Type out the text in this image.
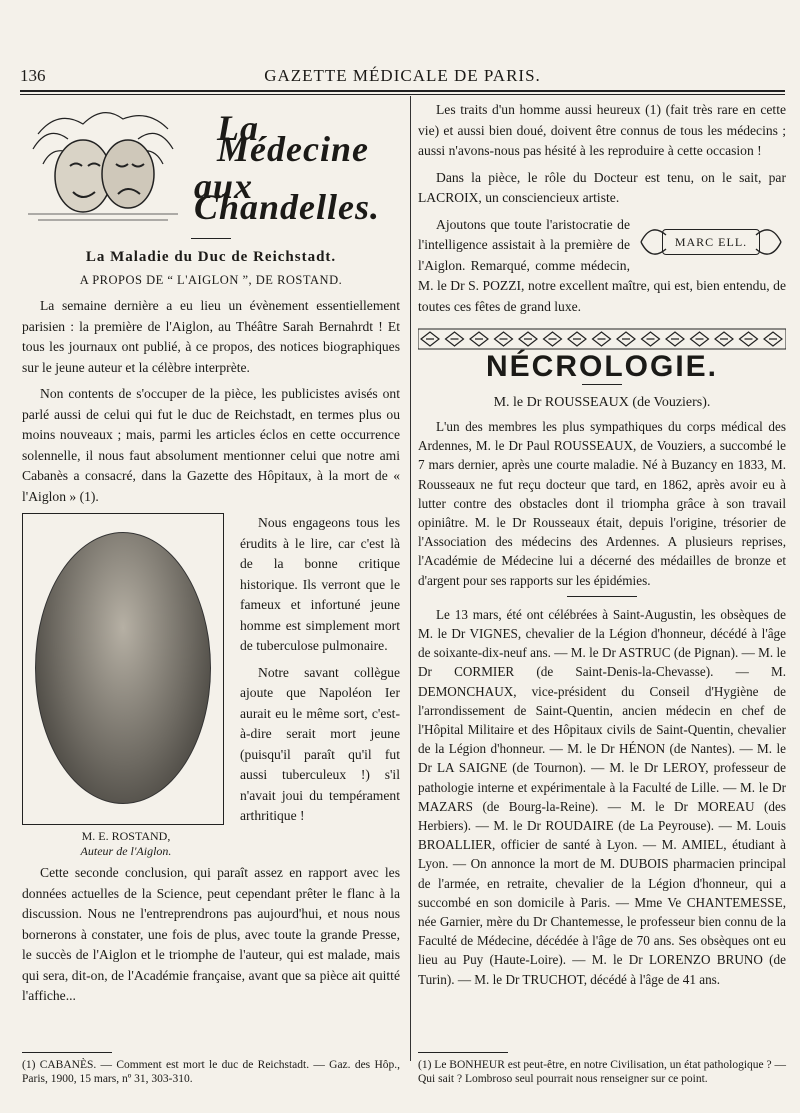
136	GAZETTE MÉDICALE DE PARIS.
La Médecine
aux Chandelles.
La Maladie du Duc de Reichstadt.
A PROPOS DE “ L'AIGLON ”, DE ROSTAND.

La semaine dernière a eu lieu un évènement essentiellement parisien : la première de l'Aiglon, au Théâtre Sarah Bernahrdt ! Et tous les journaux ont publié, à ce propos, des notices biographiques sur le jeune auteur et la célèbre interprète.

Non contents de s'occuper de la pièce, les publicistes avisés ont parlé aussi de celui qui fut le duc de Reichstadt, en termes plus ou moins nouveaux ; mais, parmi les articles éclos en cette occurrence solennelle, il nous faut absolument mentionner celui que notre ami Cabanès a consacré, dans la Gazette des Hôpitaux, à la mort de « l'Aiglon » (1).

M. E. ROSTAND,
Auteur de l'Aiglon.

Nous engageons tous les érudits à le lire, car c'est là de la bonne critique historique. Ils verront que le fameux et infortuné jeune homme est simplement mort de tuberculose pulmonaire.

Notre savant collègue ajoute que Napoléon Ier aurait eu le même sort, c'est-à-dire serait mort jeune (puisqu'il paraît qu'il fut aussi tuberculeux !) s'il n'avait joui du tempérament arthritique !

Cette seconde conclusion, qui paraît assez en rapport avec les données actuelles de la Science, peut cependant prêter le flanc à la discussion. Nous ne l'entreprendrons pas aujourd'hui, et nous nous bornerons à constater, une fois de plus, avec toute la grande Presse, le succès de l'Aiglon et le triomphe de l'auteur, qui est malade, mais qui sera, dit-on, de l'Académie française, avant que sa pièce ait quitté l'affiche...

(1) CABANÈS. — Comment est mort le duc de Reichstadt. — Gaz. des Hôp., Paris, 1900, 15 mars, nº 31, 303-310.

Les traits d'un homme aussi heureux (1) (fait très rare en cette vie) et aussi bien doué, doivent être connus de tous les médecins ; aussi n'avons-nous pas hésité à les reproduire à cette occasion !

Dans la pièce, le rôle du Docteur est tenu, on le sait, par LACROIX, un consciencieux artiste.

MARC ELL.

Ajoutons que toute l'aristocratie de l'intelligence assistait à la première de l'Aiglon. Remarqué, comme médecin, M. le Dr S. POZZI, notre excellent maître, qui est, bien entendu, de toutes ces fêtes de grand luxe.

NÉCROLOGIE.
M. le Dr ROUSSEAUX (de Vouziers).

L'un des membres les plus sympathiques du corps médical des Ardennes, M. le Dr Paul ROUSSEAUX, de Vouziers, a succombé le 7 mars dernier, après une courte maladie. Né à Buzancy en 1833, M. Rousseaux ne fut reçu docteur que tard, en 1862, après avoir eu à lutter contre des obstacles dont il triompha grâce à son travail opiniâtre. M. le Dr Rousseaux était, depuis l'origine, trésorier de l'Association des médecins des Ardennes. A plusieurs reprises, l'Académie de Médecine lui a décerné des médailles de bronze et d'argent pour ses rapports sur les épidémies.

Le 13 mars, été ont célébrées à Saint-Augustin, les obsèques de M. le Dr VIGNES, chevalier de la Légion d'honneur, décédé à l'âge de soixante-dix-neuf ans. — M. le Dr ASTRUC (de Pignan). — M. le Dr CORMIER (de Saint-Denis-la-Chevasse). — M. DEMONCHAUX, vice-président du Conseil d'Hygiène de l'arrondissement de Saint-Quentin, ancien médecin en chef de l'Hôpital Militaire et des Hôpitaux civils de Saint-Quentin, chevalier de la Légion d'honneur. — M. le Dr HÉNON (de Nantes). — M. le Dr LA SAIGNE (de Tournon). — M. le Dr LEROY, professeur de pathologie interne et expérimentale à la Faculté de Lille. — M. le Dr MAZARS (de Bourg-la-Reine). — M. le Dr MOREAU (des Herbiers). — M. le Dr ROUDAIRE (de La Peyrouse). — M. Louis BROALLIER, officier de santé à Lyon. — M. AMIEL, étudiant à Lyon. — On annonce la mort de M. DUBOIS pharmacien principal de l'armée, en retraite, chevalier de la Légion d'honneur, qui a succombé en son domicile à Paris. — Mme Ve CHANTEMESSE, née Garnier, mère du Dr Chantemesse, le professeur bien connu de la Faculté de Médecine, décédée à l'âge de 70 ans. Ses obsèques ont eu lieu au Puy (Haute-Loire). — M. le Dr LORENZO BRUNO (de Turin). — M. le Dr TRUCHOT, décédé à l'âge de 41 ans.

(1) Le BONHEUR est peut-être, en notre Civilisation, un état pathologique ? — Qui sait ? Lombroso seul pourrait nous renseigner sur ce point.
